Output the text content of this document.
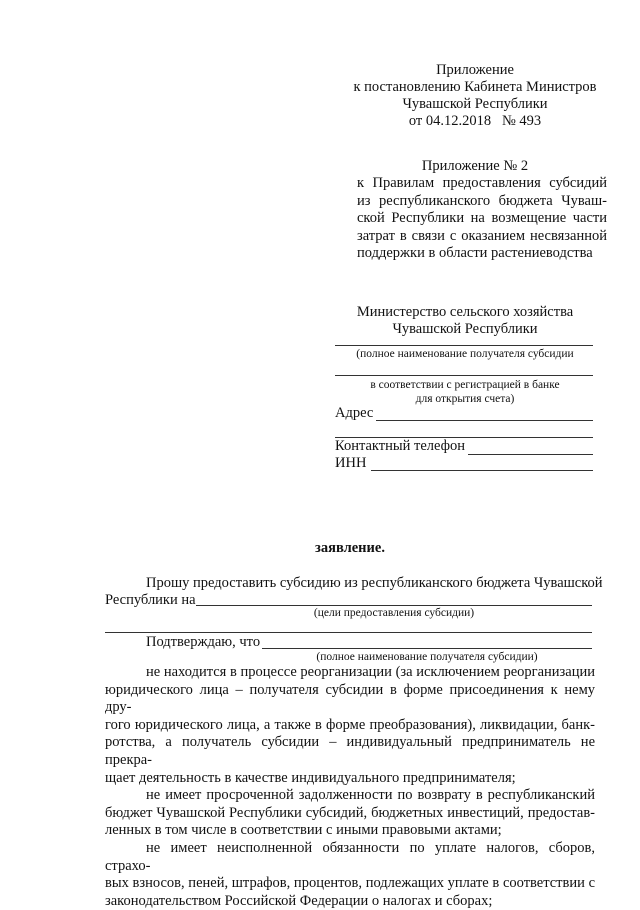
Приложение
к постановлению Кабинета Министров
Чувашской Республики
от 04.12.2018   № 493
Приложение № 2
к Правилам предоставления субсидий
из республиканского бюджета Чуваш-
ской Республики на возмещение части
затрат в связи с оказанием несвязанной
поддержки в области растениеводства
Министерство сельского хозяйства
Чувашской Республики
(полное наименование получателя субсидии
в соответствии с регистрацией в банке
для открытия счета)
Адрес
Контактный телефон
ИНН
заявление.
Прошу предоставить субсидию из республиканского бюджета Чувашской
Республики на
(цели предоставления субсидии)
Подтверждаю, что
(полное наименование получателя субсидии)

не находится в процессе реорганизации (за исключением реорганизации

юридического лица – получателя субсидии в форме присоединения к нему дру-

гого юридического лица, а также в форме преобразования), ликвидации, банк-

ротства, а получатель субсидии – индивидуальный предприниматель не прекра-

щает деятельность в качестве индивидуального предпринимателя;

не имеет просроченной задолженности по возврату в республиканский

бюджет Чувашской Республики субсидий, бюджетных инвестиций, предостав-

ленных в том числе в соответствии с иными правовыми актами;

не имеет неисполненной обязанности по уплате налогов, сборов, страхо-

вых взносов, пеней, штрафов, процентов, подлежащих уплате в соответствии с

законодательством Российской Федерации о налогах и сборах;
